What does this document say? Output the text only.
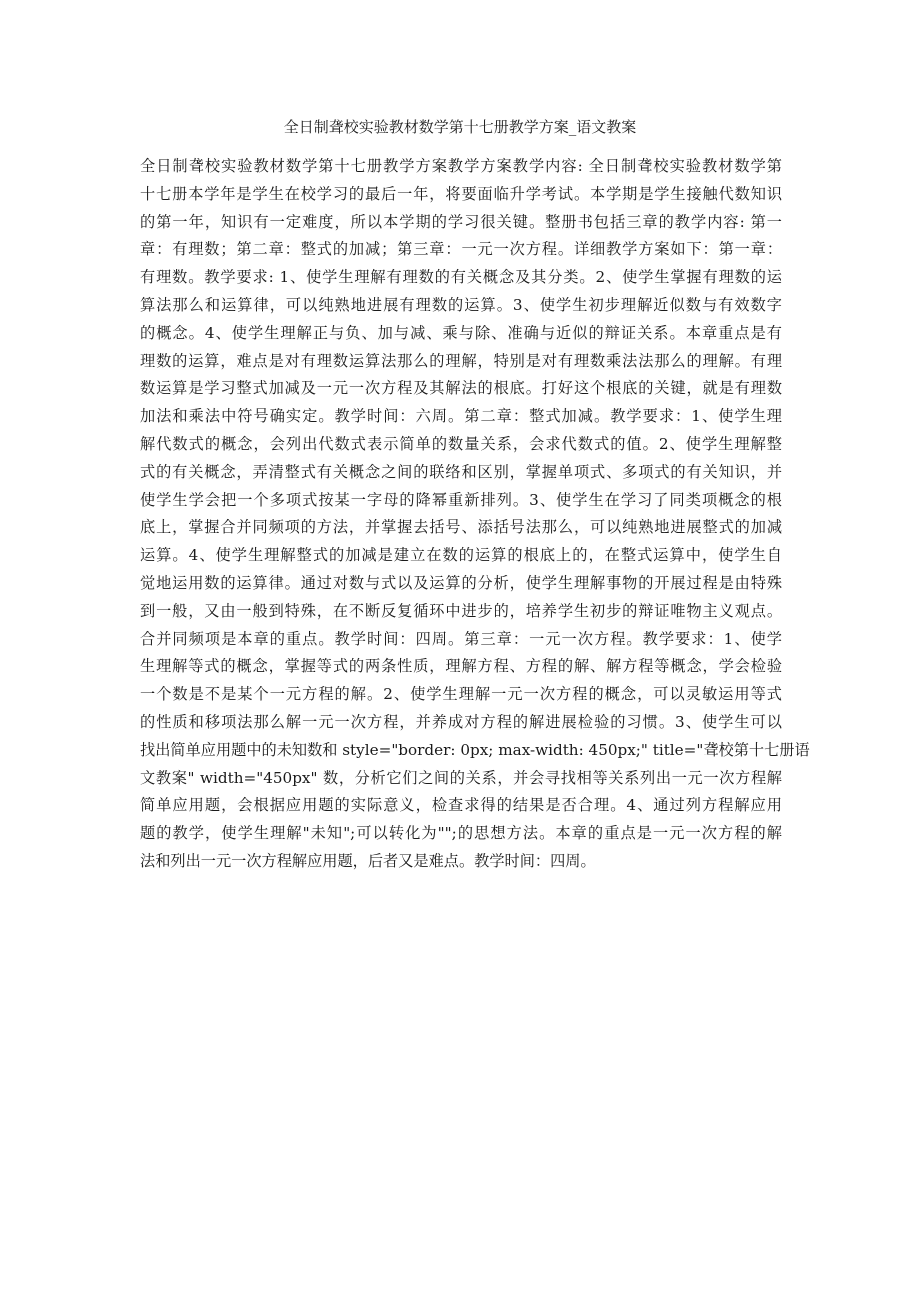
全日制聋校实验教材数学第十七册教学方案_语文教案
全日制聋校实验教材数学第十七册教学方案教学方案教学内容: 全日制聋校实验教材数学第
十七册本学年是学生在校学习的最后一年，将要面临升学考试。本学期是学生接触代数知识
的第一年，知识有一定难度，所以本学期的学习很关键。整册书包括三章的教学内容: 第一
章：有理数；第二章：整式的加减；第三章：一元一次方程。详细教学方案如下：第一章：
有理数。教学要求: 1、使学生理解有理数的有关概念及其分类。2、使学生掌握有理数的运
算法那么和运算律，可以纯熟地进展有理数的运算。3、使学生初步理解近似数与有效数字
的概念。4、使学生理解正与负、加与减、乘与除、准确与近似的辩证关系。本章重点是有
理数的运算，难点是对有理数运算法那么的理解，特别是对有理数乘法法那么的理解。有理
数运算是学习整式加减及一元一次方程及其解法的根底。打好这个根底的关键，就是有理数
加法和乘法中符号确实定。教学时间：六周。第二章：整式加减。教学要求：1、使学生理
解代数式的概念，会列出代数式表示简单的数量关系，会求代数式的值。2、使学生理解整
式的有关概念，弄清整式有关概念之间的联络和区别，掌握单项式、多项式的有关知识，并
使学生学会把一个多项式按某一字母的降幂重新排列。3、使学生在学习了同类项概念的根
底上，掌握合并同频项的方法，并掌握去括号、添括号法那么，可以纯熟地进展整式的加减
运算。4、使学生理解整式的加减是建立在数的运算的根底上的，在整式运算中，使学生自
觉地运用数的运算律。通过对数与式以及运算的分析，使学生理解事物的开展过程是由特殊
到一般，又由一般到特殊，在不断反复循环中进步的，培养学生初步的辩证唯物主义观点。
合并同频项是本章的重点。教学时间：四周。第三章：一元一次方程。教学要求：1、使学
生理解等式的概念，掌握等式的两条性质，理解方程、方程的解、解方程等概念，学会检验
一个数是不是某个一元方程的解。2、使学生理解一元一次方程的概念，可以灵敏运用等式
的性质和移项法那么解一元一次方程，并养成对方程的解进展检验的习惯。3、使学生可以
找出简单应用题中的未知数和 style="border: 0px; max-width: 450px;" title="聋校第十七册语
文教案" width="450px" 数，分析它们之间的关系，并会寻找相等关系列出一元一次方程解
简单应用题，会根据应用题的实际意义，检查求得的结果是否合理。4、通过列方程解应用
题的教学，使学生理解"未知";可以转化为"";的思想方法。本章的重点是一元一次方程的解
法和列出一元一次方程解应用题，后者又是难点。教学时间：四周。
